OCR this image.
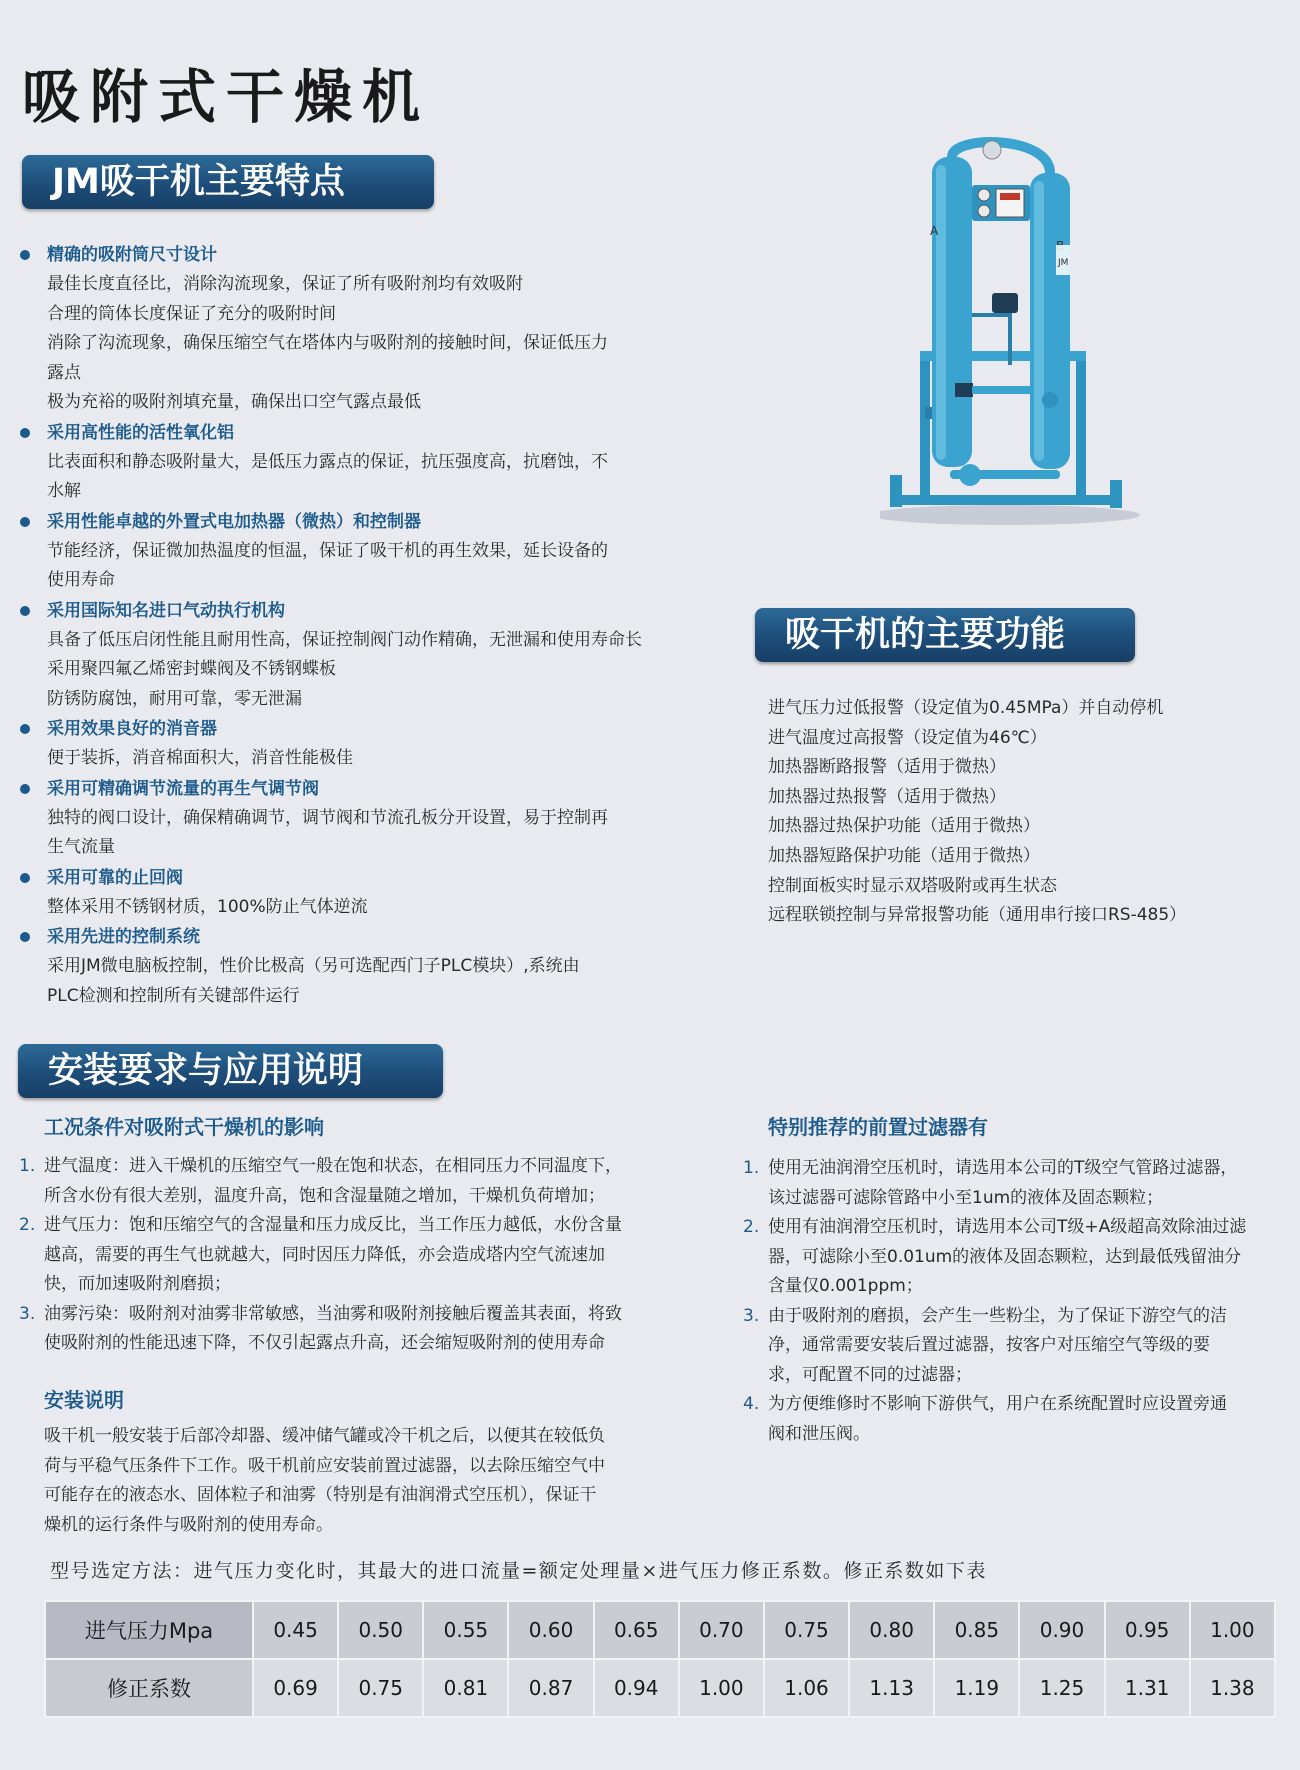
吸附式干燥机
JM吸干机主要特点
精确的吸附筒尺寸设计
最佳长度直径比，消除沟流现象，保证了所有吸附剂均有效吸附
合理的筒体长度保证了充分的吸附时间
消除了沟流现象，确保压缩空气在塔体内与吸附剂的接触时间，保证低压力
露点
极为充裕的吸附剂填充量，确保出口空气露点最低
采用高性能的活性氧化铝
比表面积和静态吸附量大，是低压力露点的保证，抗压强度高，抗磨蚀，不
水解
采用性能卓越的外置式电加热器（微热）和控制器
节能经济，保证微加热温度的恒温，保证了吸干机的再生效果，延长设备的
使用寿命
采用国际知名进口气动执行机构
具备了低压启闭性能且耐用性高，保证控制阀门动作精确，无泄漏和使用寿命长
采用聚四氟乙烯密封蝶阀及不锈钢蝶板
防锈防腐蚀，耐用可靠，零无泄漏
采用效果良好的消音器
便于装拆，消音棉面积大，消音性能极佳
采用可精确调节流量的再生气调节阀
独特的阀口设计，确保精确调节，调节阀和节流孔板分开设置，易于控制再
生气流量
采用可靠的止回阀
整体采用不锈钢材质，100%防止气体逆流
采用先进的控制系统
采用JM微电脑板控制，性价比极高（另可选配西门子PLC模块）,系统由
PLC检测和控制所有关键部件运行
A
JM
吸干机的主要功能
进气压力过低报警（设定值为0.45MPa）并自动停机
进气温度过高报警（设定值为46℃）
加热器断路报警（适用于微热）
加热器过热报警（适用于微热）
加热器过热保护功能（适用于微热）
加热器短路保护功能（适用于微热）
控制面板实时显示双塔吸附或再生状态
远程联锁控制与异常报警功能（通用串行接口RS-485）
安装要求与应用说明
工况条件对吸附式干燥机的影响
1. 进气温度：进入干燥机的压缩空气一般在饱和状态，在相同压力不同温度下，
所含水份有很大差别，温度升高，饱和含湿量随之增加，干燥机负荷增加；
2. 进气压力：饱和压缩空气的含湿量和压力成反比，当工作压力越低，水份含量
越高，需要的再生气也就越大，同时因压力降低，亦会造成塔内空气流速加
快，而加速吸附剂磨损；
3. 油雾污染：吸附剂对油雾非常敏感，当油雾和吸附剂接触后覆盖其表面，将致
使吸附剂的性能迅速下降，不仅引起露点升高，还会缩短吸附剂的使用寿命
特别推荐的前置过滤器有
1. 使用无油润滑空压机时，请选用本公司的T级空气管路过滤器，
该过滤器可滤除管路中小至1um的液体及固态颗粒；
2. 使用有油润滑空压机时，请选用本公司T级+A级超高效除油过滤
器，可滤除小至0.01um的液体及固态颗粒，达到最低残留油分
含量仅0.001ppm；
3. 由于吸附剂的磨损，会产生一些粉尘，为了保证下游空气的洁
净，通常需要安装后置过滤器，按客户对压缩空气等级的要
求，可配置不同的过滤器；
4. 为方便维修时不影响下游供气，用户在系统配置时应设置旁通
阀和泄压阀。
安装说明
吸干机一般安装于后部冷却器、缓冲储气罐或冷干机之后，以便其在较低负
荷与平稳气压条件下工作。吸干机前应安装前置过滤器，以去除压缩空气中
可能存在的液态水、固体粒子和油雾（特别是有油润滑式空压机），保证干
燥机的运行条件与吸附剂的使用寿命。
型号选定方法：进气压力变化时，其最大的进口流量=额定处理量×进气压力修正系数。修正系数如下表
进气压力Mpa	0.45	0.50	0.55	0.60	0.65	0.70	0.75	0.80	0.85	0.90	0.95	1.00
修正系数	0.69	0.75	0.81	0.87	0.94	1.00	1.06	1.13	1.19	1.25	1.31	1.38
